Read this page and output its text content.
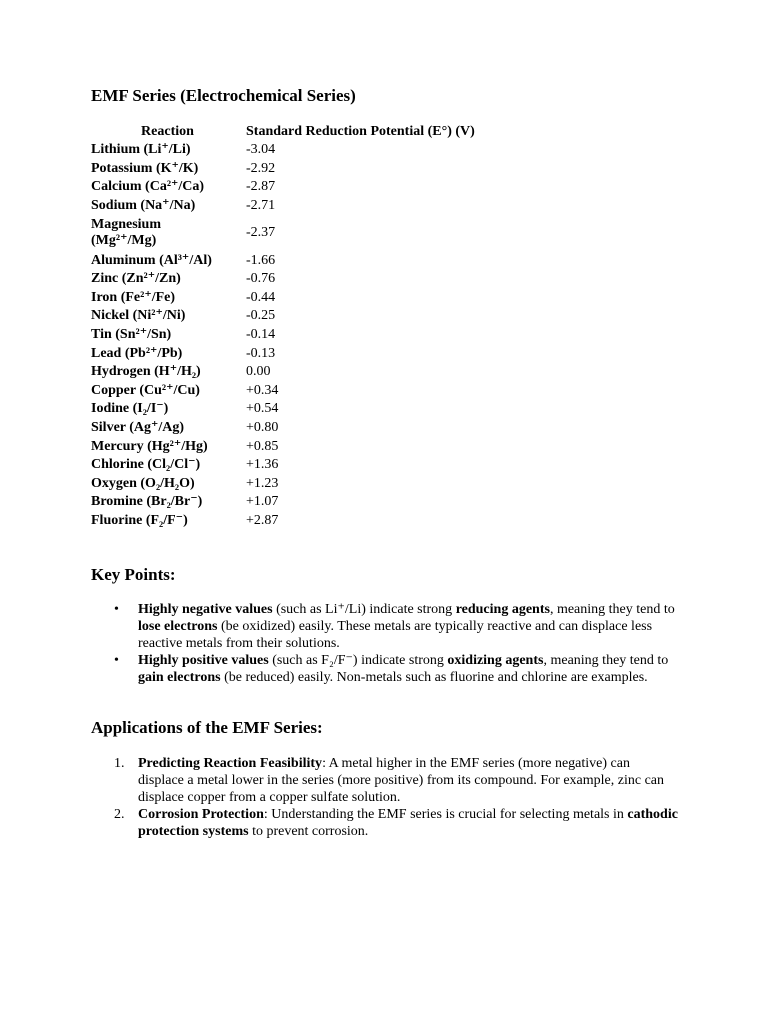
EMF Series (Electrochemical Series)
Reaction	Standard Reduction Potential (E°) (V)
Lithium (Li⁺/Li)	-3.04
Potassium (K⁺/K)	-2.92
Calcium (Ca²⁺/Ca)	-2.87
Sodium (Na⁺/Na)	-2.71
Magnesium
(Mg²⁺/Mg)	-2.37
Aluminum (Al³⁺/Al)	-1.66
Zinc (Zn²⁺/Zn)	-0.76
Iron (Fe²⁺/Fe)	-0.44
Nickel (Ni²⁺/Ni)	-0.25
Tin (Sn²⁺/Sn)	-0.14
Lead (Pb²⁺/Pb)	-0.13
Hydrogen (H⁺/H₂)	0.00
Copper (Cu²⁺/Cu)	+0.34
Iodine (I₂/I⁻)	+0.54
Silver (Ag⁺/Ag)	+0.80
Mercury (Hg²⁺/Hg)	+0.85
Chlorine (Cl₂/Cl⁻)	+1.36
Oxygen (O₂/H₂O)	+1.23
Bromine (Br₂/Br⁻)	+1.07
Fluorine (F₂/F⁻)	+2.87
Key Points:
• Highly negative values (such as Li⁺/Li) indicate strong reducing agents, meaning they tend to lose electrons (be oxidized) easily. These metals are typically reactive and can displace less reactive metals from their solutions.
• Highly positive values (such as F₂/F⁻) indicate strong oxidizing agents, meaning they tend to gain electrons (be reduced) easily. Non-metals such as fluorine and chlorine are examples.
Applications of the EMF Series:
1. Predicting Reaction Feasibility: A metal higher in the EMF series (more negative) can displace a metal lower in the series (more positive) from its compound. For example, zinc can displace copper from a copper sulfate solution.
2. Corrosion Protection: Understanding the EMF series is crucial for selecting metals in cathodic protection systems to prevent corrosion.
